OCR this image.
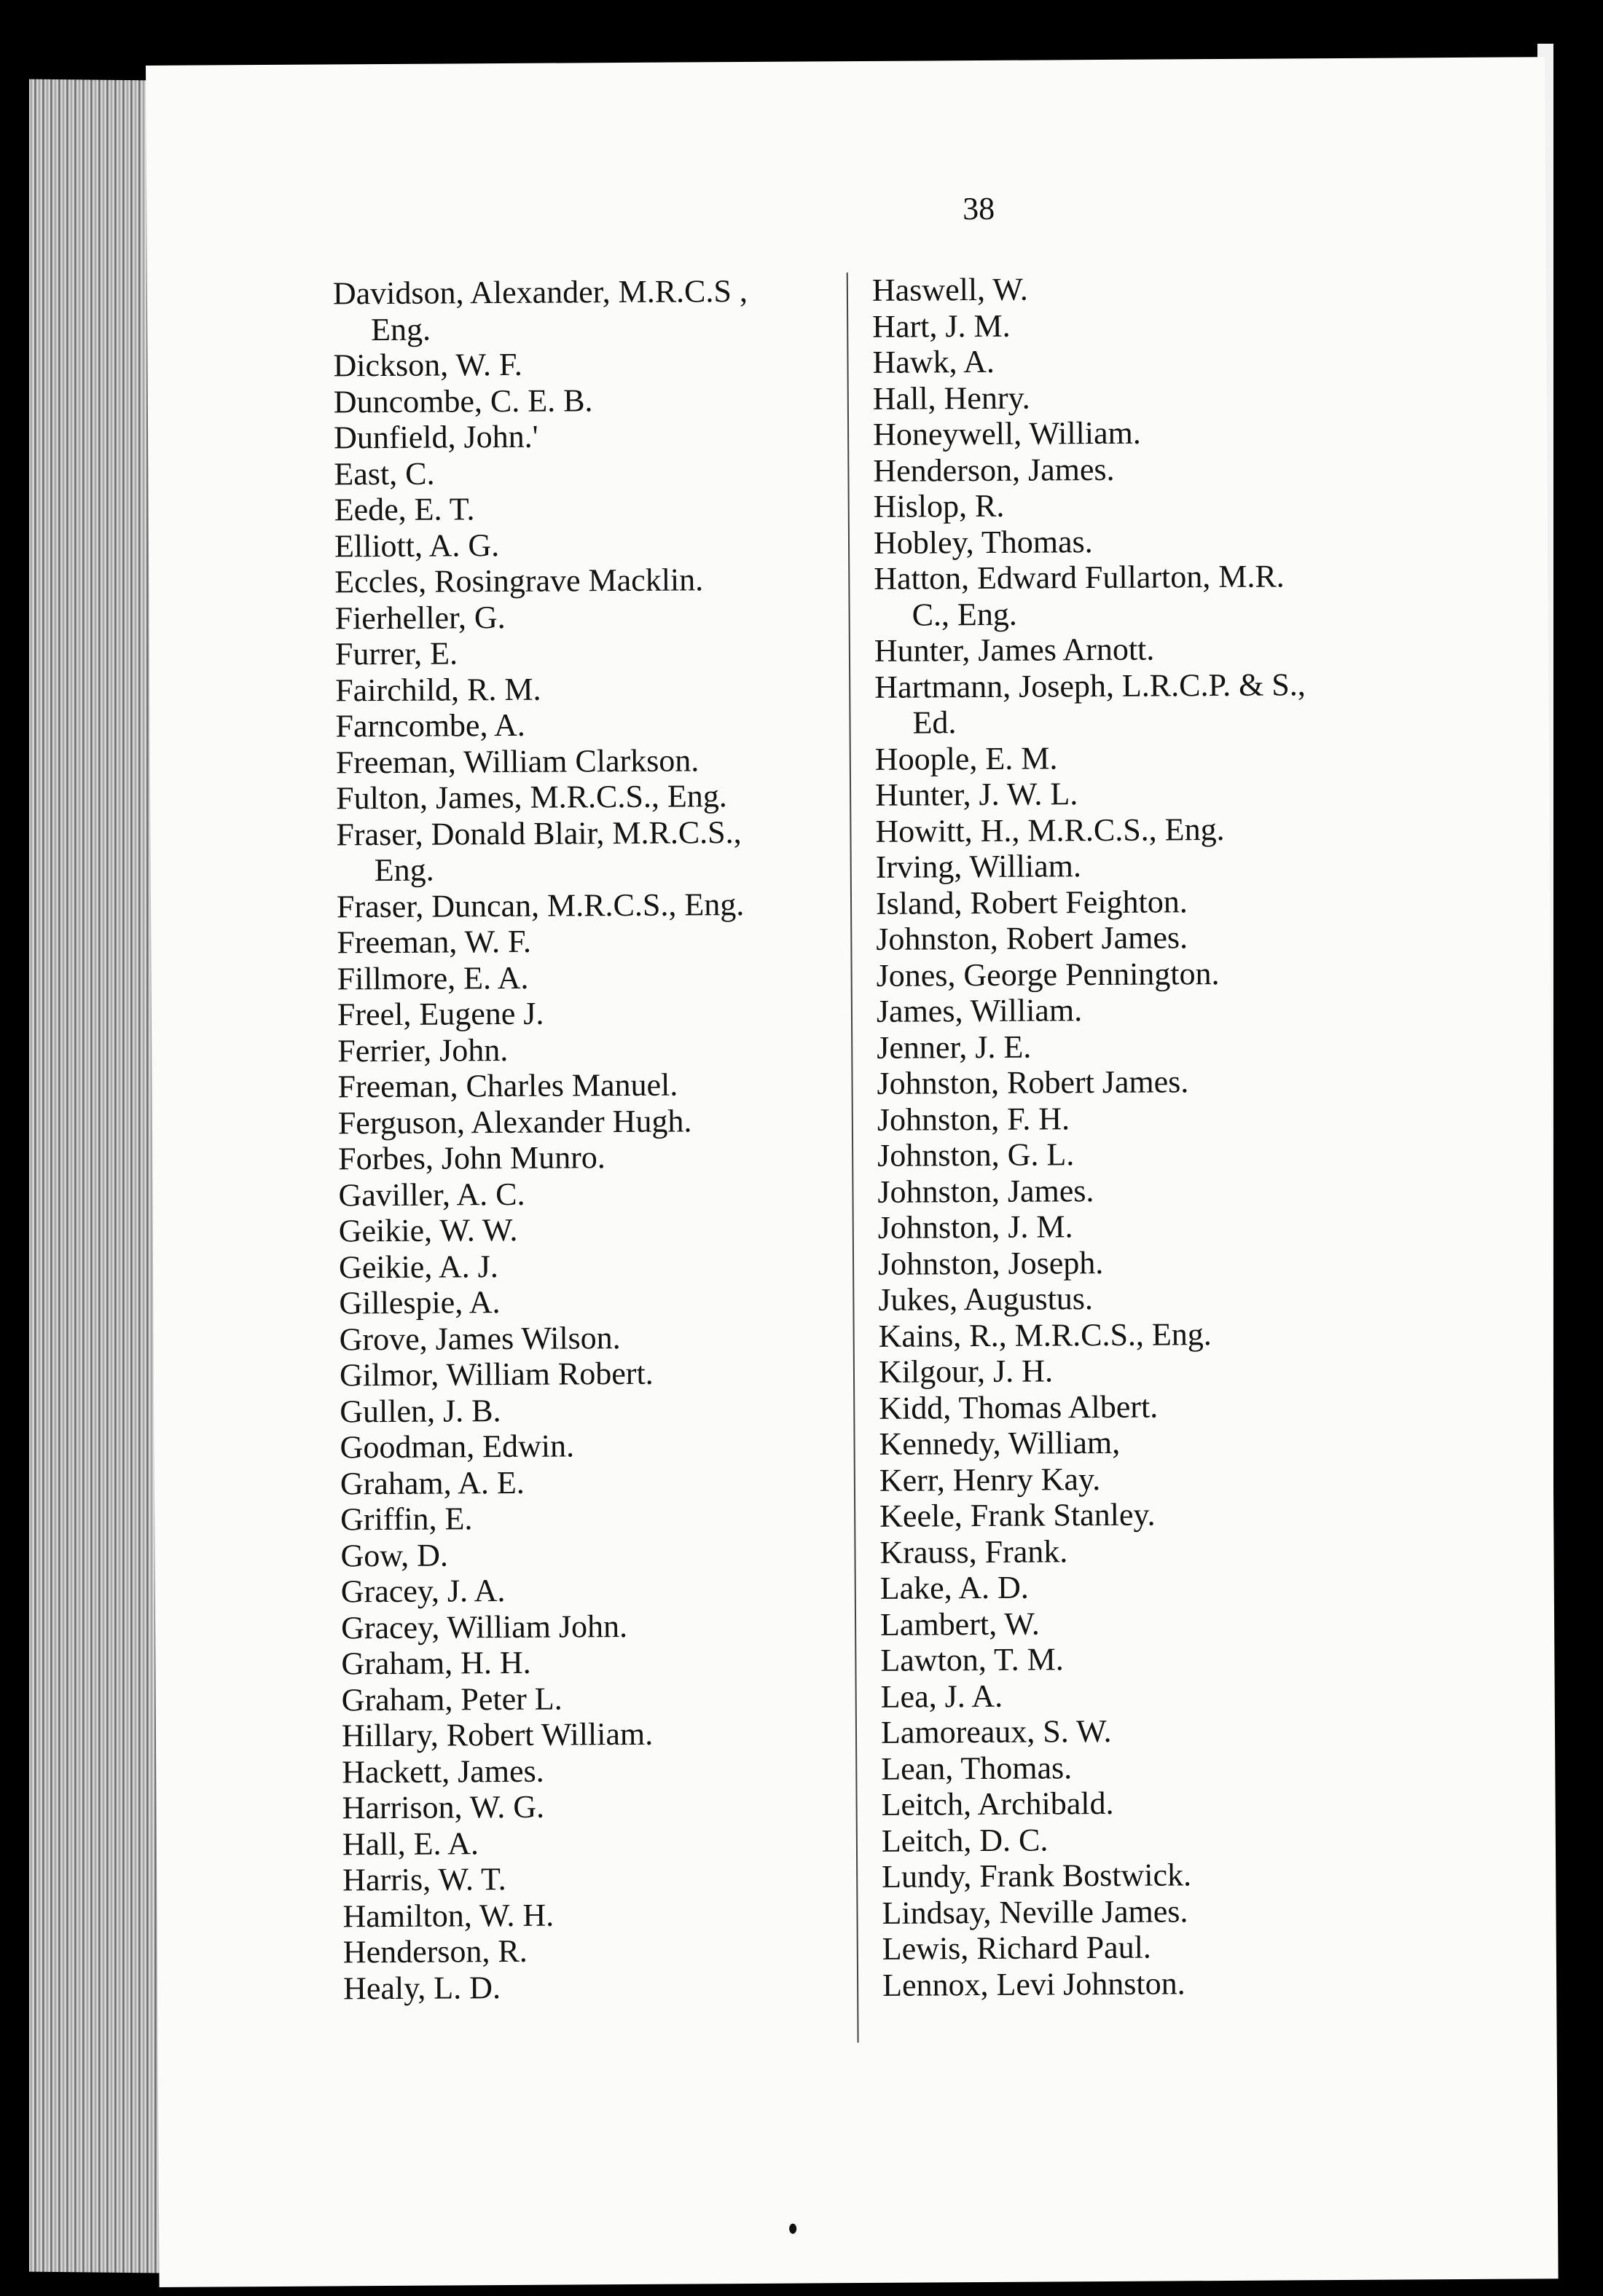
38
Davidson, Alexander, M.R.C.S ,
Eng.
Dickson, W. F.
Duncombe, C. E. B.
Dunfield, John.'
East, C.
Eede, E. T.
Elliott, A. G.
Eccles, Rosingrave Macklin.
Fierheller, G.
Furrer, E.
Fairchild, R. M.
Farncombe, A.
Freeman, William Clarkson.
Fulton, James, M.R.C.S., Eng.
Fraser, Donald Blair, M.R.C.S.,
Eng.
Fraser, Duncan, M.R.C.S., Eng.
Freeman, W. F.
Fillmore, E. A.
Freel, Eugene J.
Ferrier, John.
Freeman, Charles Manuel.
Ferguson, Alexander Hugh.
Forbes, John Munro.
Gaviller, A. C.
Geikie, W. W.
Geikie, A. J.
Gillespie, A.
Grove, James Wilson.
Gilmor, William Robert.
Gullen, J. B.
Goodman, Edwin.
Graham, A. E.
Griffin, E.
Gow, D.
Gracey, J. A.
Gracey, William John.
Graham, H. H.
Graham, Peter L.
Hillary, Robert William.
Hackett, James.
Harrison, W. G.
Hall, E. A.
Harris, W. T.
Hamilton, W. H.
Henderson, R.
Healy, L. D.
Haswell, W.
Hart, J. M.
Hawk, A.
Hall, Henry.
Honeywell, William.
Henderson, James.
Hislop, R.
Hobley, Thomas.
Hatton, Edward Fullarton, M.R.
C., Eng.
Hunter, James Arnott.
Hartmann, Joseph, L.R.C.P. & S.,
Ed.
Hoople, E. M.
Hunter, J. W. L.
Howitt, H., M.R.C.S., Eng.
Irving, William.
Island, Robert Feighton.
Johnston, Robert James.
Jones, George Pennington.
James, William.
Jenner, J. E.
Johnston, Robert James.
Johnston, F. H.
Johnston, G. L.
Johnston, James.
Johnston, J. M.
Johnston, Joseph.
Jukes, Augustus.
Kains, R., M.R.C.S., Eng.
Kilgour, J. H.
Kidd, Thomas Albert.
Kennedy, William,
Kerr, Henry Kay.
Keele, Frank Stanley.
Krauss, Frank.
Lake, A. D.
Lambert, W.
Lawton, T. M.
Lea, J. A.
Lamoreaux, S. W.
Lean, Thomas.
Leitch, Archibald.
Leitch, D. C.
Lundy, Frank Bostwick.
Lindsay, Neville James.
Lewis, Richard Paul.
Lennox, Levi Johnston.
